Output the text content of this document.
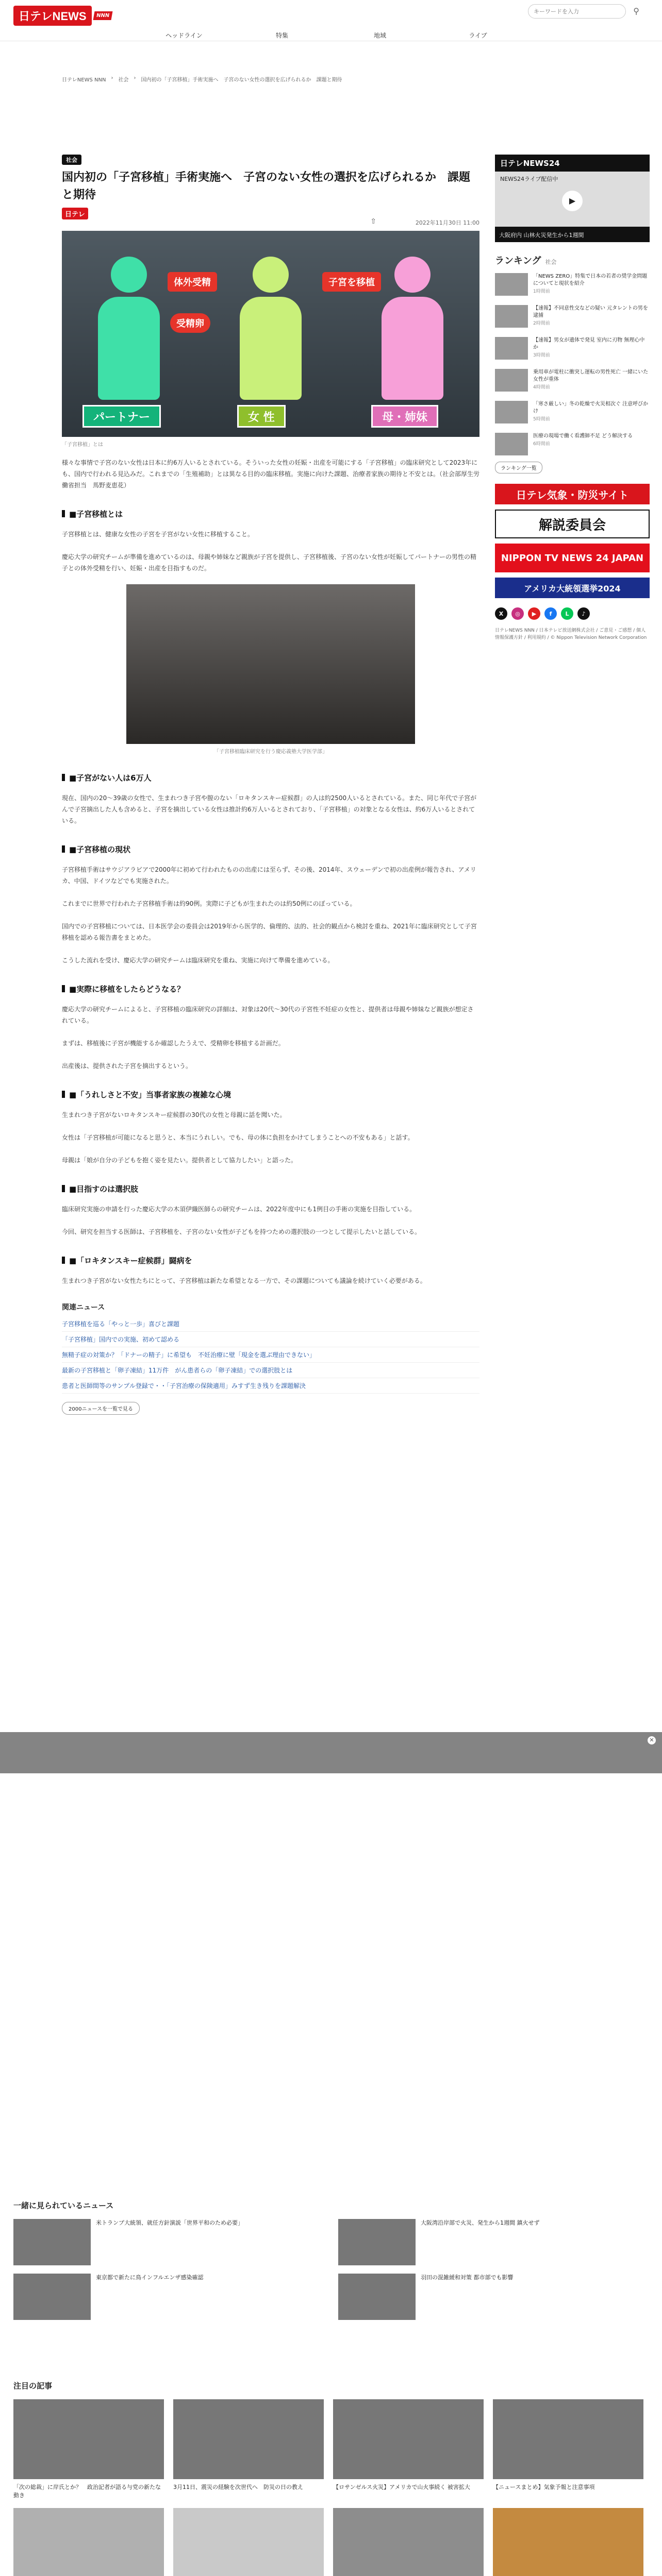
日テレNEWS	NNN
キーワードを入力	⚲
ヘッドライン	特集	地域	ライブ
日テレNEWS NNN › 社会 › 国内初の「子宮移植」手術実施へ　子宮のない女性の選択を広げられるか　課題と期待
社会
国内初の「子宮移植」手術実施へ　子宮のない女性の選択を広げられるか　課題と期待
日テレ
⇧	2022年11月30日 11:00
体外受精	子宮を移植
受精卵
パートナー	女 性	母・姉妹

「子宮移植」とは

様々な事情で子宮のない女性は日本に約6万人いるとされている。そういった女性の妊娠・出産を可能にする「子宮移植」の臨床研究として2023年にも、国内で行われる見込みだ。これまでの「生殖補助」とは異なる目的の臨床移植。実施に向けた課題、治療者家族の期待と不安とは。（社会部厚生労働省担当　馬野麦恵花）

■子宮移植とは

子宮移植とは、健康な女性の子宮を子宮がない女性に移植すること。

慶応大学の研究チームが準備を進めているのは、母親や姉妹など親族が子宮を提供し、子宮移植後、子宮のない女性が妊娠してパートナーの男性の精子との体外受精を行い、妊娠・出産を目指すものだ。

「子宮移植臨床研究を行う慶応義塾大学医学部」

■子宮がない人は6万人

現在、国内の20〜39歳の女性で、生まれつき子宮や膣のない「ロキタンスキー症候群」の人は約2500人いるとされている。また、同じ年代で子宮がんで子宮摘出した人も含めると、子宮を摘出している女性は推計約6万人いるとされており、「子宮移植」の対象となる女性は、約6万人いるとされている。

■子宮移植の現状

子宮移植手術はサウジアラビアで2000年に初めて行われたものの出産には至らず、その後、2014年、スウェーデンで初の出産例が報告され、アメリカ、中国、ドイツなどでも実施された。

これまでに世界で行われた子宮移植手術は約90例。実際に子どもが生まれたのは約50例にのぼっている。

国内での子宮移植については、日本医学会の委員会は2019年から医学的、倫理的、法的、社会的観点から検討を重ね、2021年に臨床研究として子宮移植を認める報告書をまとめた。

こうした流れを受け、慶応大学の研究チームは臨床研究を重ね、実施に向けて準備を進めている。

■実際に移植をしたらどうなる？

慶応大学の研究チームによると、子宮移植の臨床研究の詳細は、対象は20代〜30代の子宮性不妊症の女性と、提供者は母親や姉妹など親族が想定されている。

まずは、移植後に子宮が機能するか確認したうえで、受精卵を移植する計画だ。

出産後は、提供された子宮を摘出するという。

■「うれしさと不安」当事者家族の複雑な心境

生まれつき子宮がないロキタンスキー症候群の30代の女性と母親に話を聞いた。

女性は「子宮移植が可能になると思うと、本当にうれしい。でも、母の体に負担をかけてしまうことへの不安もある」と話す。

母親は「娘が自分の子どもを抱く姿を見たい。提供者として協力したい」と語った。

■目指すのは選択肢

臨床研究実施の申請を行った慶応大学の木須伊織医師らの研究チームは、2022年度中にも1例目の手術の実施を目指している。

今回、研究を担当する医師は、子宮移植を、子宮のない女性が子どもを持つための選択肢の一つとして提示したいと話している。

■「ロキタンスキー症候群」闘病を

生まれつき子宮がない女性たちにとって、子宮移植は新たな希望となる一方で、その課題についても議論を続けていく必要がある。

関連ニュース
子宮移植を巡る「やっと一歩」喜びと課題
「子宮移植」国内での実施、初めて認める
無精子症の対策か？「ドナーの精子」に希望も　不妊治療に壁「現金を選ぶ理由できない」
最新の子宮移植と「卵子凍結」11万件　がん患者らの「卵子凍結」での選択肢とは
患者と医師間等のサンプル登録で・・「子宮治療の保険適用」みすず生き残りを課題解決
2000ニュースを一覧で見る
日テレNEWS24
NEWS24ライブ配信中
▶
大阪府内 山林火災発生から1週間
ランキング 社会
「NEWS ZERO」特集で日本の若者の奨学金問題についてと現状を紹介
1時間前
【速報】不同意性交などの疑い 元タレントの男を逮捕
2時間前
【速報】男女が遺体で発見 室内に刃物 無理心中か
3時間前
乗用車が電柱に衝突し運転の男性死亡 一緒にいた女性が重体
4時間前
「寒さ厳しい」冬の乾燥で火災相次ぐ 注意呼びかけ
5時間前
医療の現場で働く看護師不足 どう解決する
6時間前
ランキング一覧
日テレ気象・防災サイト
解説委員会
NIPPON TV NEWS 24 JAPAN
アメリカ大統領選挙2024
X	◎	▶	f	L	♪

日テレNEWS NNN / 日本テレビ放送網株式会社 / ご意見・ご感想 / 個人情報保護方針 / 利用規約 / © Nippon Television Network Corporation

✕
一緒に見られているニュース
米トランプ大統領、就任方針演説「世界平和のため必要」	大阪湾沿岸部で火災、発生から1週間 鎮火せず
東京都で新たに鳥インフルエンザ感染確認	羽田の混雑緩和対策 都市部でも影響
注目の記事
「次の総裁」に岸氏とか？　政治記者が語る与党の新たな動き
3月11日、震災の経験を次世代へ　防災の日の教え	【ロサンゼルス火災】アメリカで山火事続く 被害拡大	【ニュースまとめ】気象予報と注意事項
